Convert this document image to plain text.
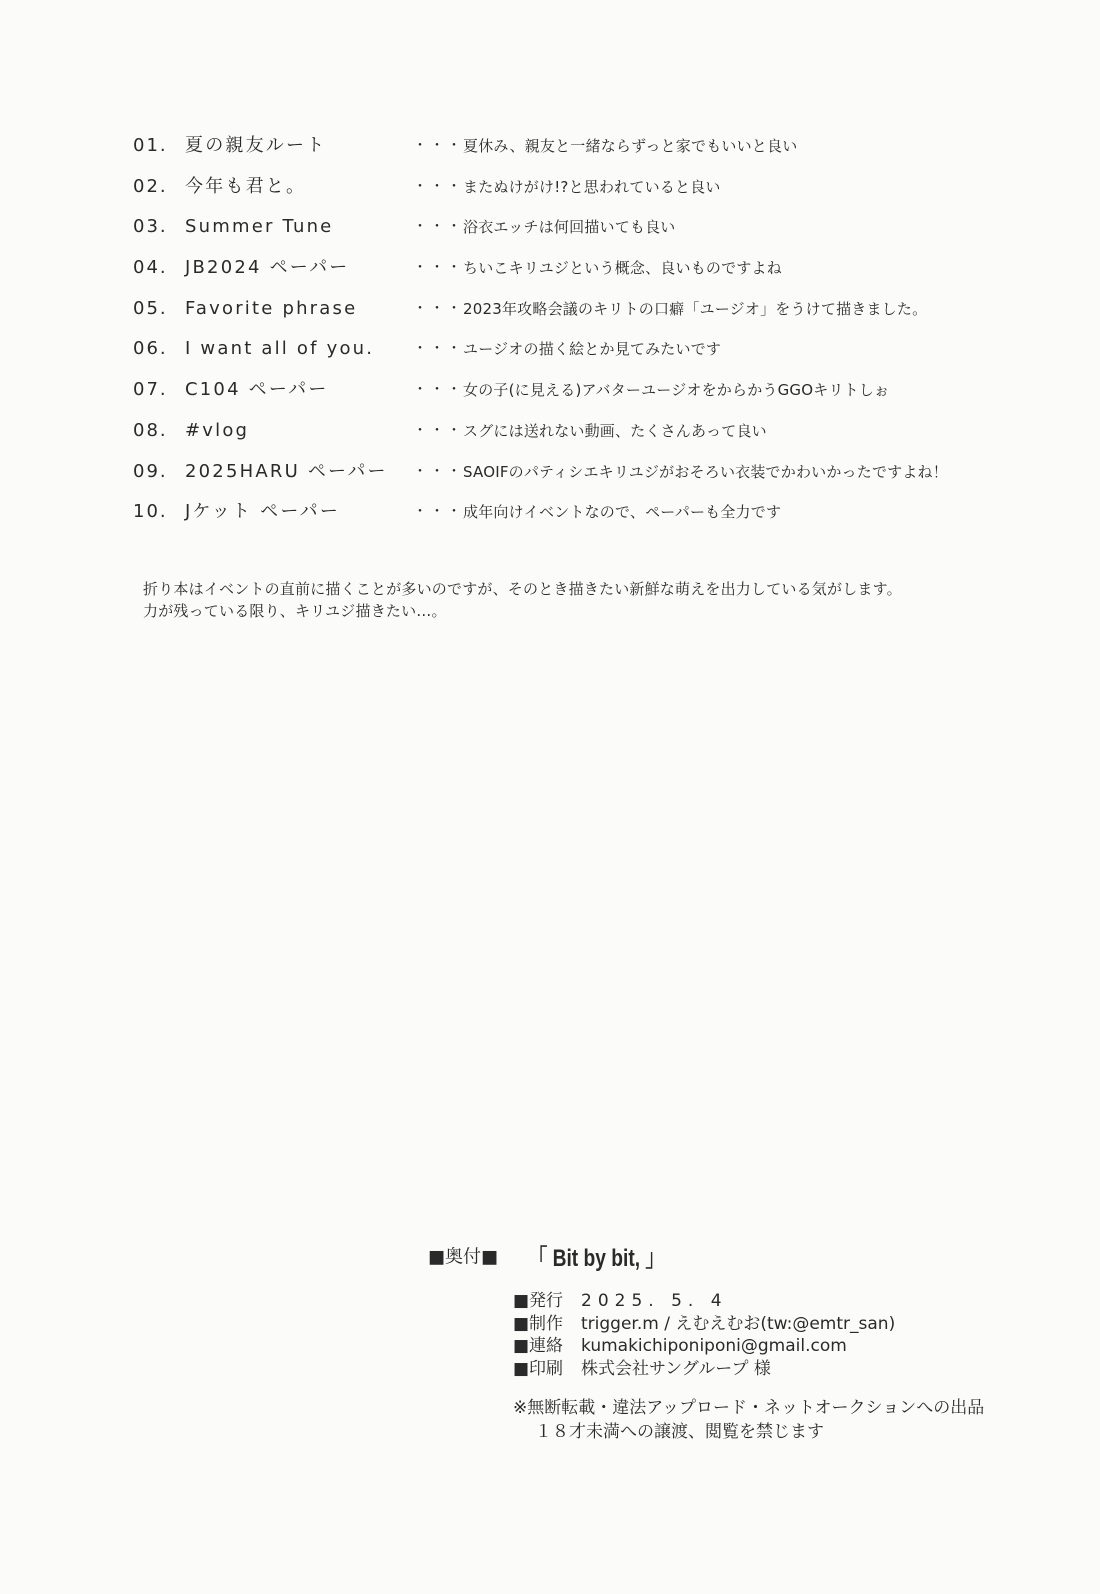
01. 夏の親友ルート	・・・ 夏休み、親友と一緒ならずっと家でもいいと良い
02. 今年も君と。	・・・ またぬけがけ!?と思われていると良い
03. Summer Tune	・・・ 浴衣エッチは何回描いても良い
04. JB2024 ペーパー	・・・ ちいこキリユジという概念、良いものですよね
05. Favorite phrase	・・・ 2023年攻略会議のキリトの口癖「ユージオ」をうけて描きました。
06. I want all of you.	・・・ ユージオの描く絵とか見てみたいです
07. C104 ペーパー	・・・ 女の子(に見える)アバターユージオをからかうGGOキリトしぉ
08. #vlog	・・・ スグには送れない動画、たくさんあって良い
09. 2025HARU ペーパー ・・・ SAOIFのパティシエキリユジがおそろい衣装でかわいかったですよね！
10. Jケット ペーパー	・・・ 成年向けイベントなので、ペーパーも全力です

折り本はイベントの直前に描くことが多いのですが、そのとき描きたい新鮮な萌えを出力している気がします。

力が残っている限り、キリユジ描きたい…。

■奥付■ 「 Bit by bit, 」
■発行 2025. 5. 4
■制作 trigger.m / えむえむお(tw:@emtr_san)
■連絡 kumakichiponiponi@gmail.com
■印刷 株式会社サングループ 様

※無断転載・違法アップロード・ネットオークションへの出品

１８才未満への譲渡、閲覧を禁じます
